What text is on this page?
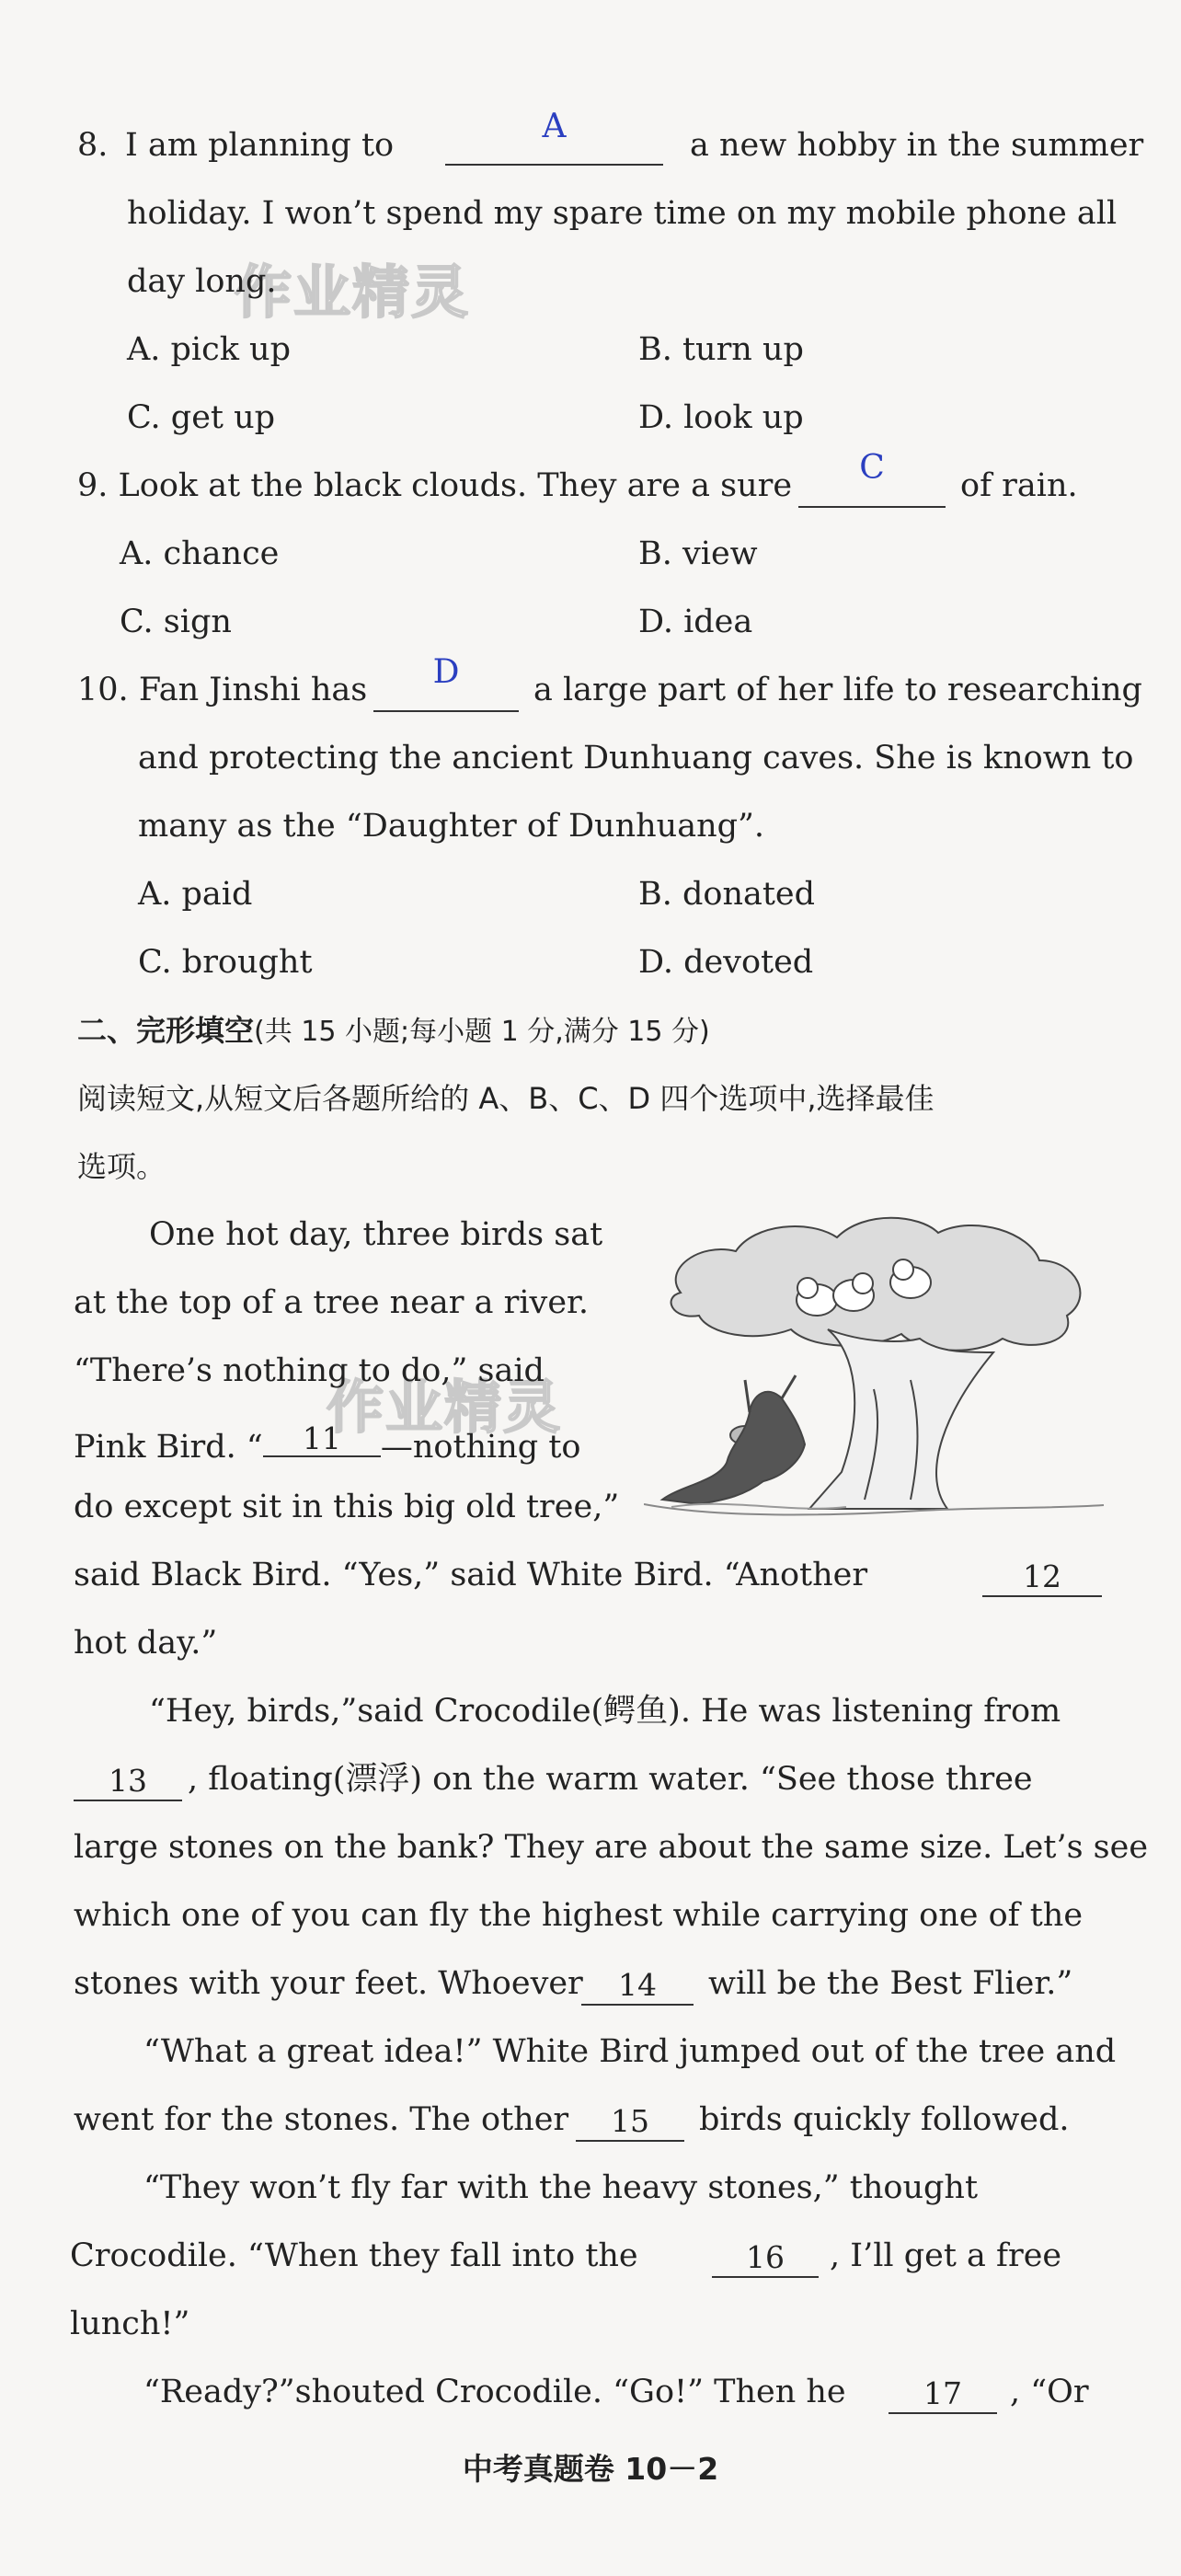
作业精灵
作业精灵
8. I am planning to	A	a new hobby in the summer
holiday. I won’t spend my spare time on my mobile phone all
day long.
A. pick up	B. turn up
C. get up	D. look up
9. Look at the black clouds. They are a sure	C	of rain.
A. chance	B. view
C. sign	D. idea
10. Fan Jinshi has	D	a large part of her life to researching
and protecting the ancient Dunhuang caves. She is known to
many as the “Daughter of Dunhuang”.
A. paid	B. donated
C. brought	D. devoted
二、完形填空(共 15 小题;每小题 1 分,满分 15 分)
阅读短文,从短文后各题所给的 A、B、C、D 四个选项中,选择最佳
选项。
One hot day, three birds sat
at the top of a tree near a river.
“There’s nothing to do,” said
Pink Bird. “	11	—nothing to
do except sit in this big old tree,”
said Black Bird. “Yes,” said White Bird. “Another	12
hot day.”
“Hey, birds,”said Crocodile(鳄鱼). He was listening from
13	, floating(漂浮) on the warm water. “See those three
large stones on the bank? They are about the same size. Let’s see
which one of you can fly the highest while carrying one of the
stones with your feet. Whoever	14	will be the Best Flier.”
“What a great idea!” White Bird jumped out of the tree and
went for the stones. The other	15	birds quickly followed.
“They won’t fly far with the heavy stones,” thought
Crocodile. “When they fall into the	16	, I’ll get a free
lunch!”
“Ready?”shouted Crocodile. “Go!” Then he	17	, “Or
中考真题卷 10－2
